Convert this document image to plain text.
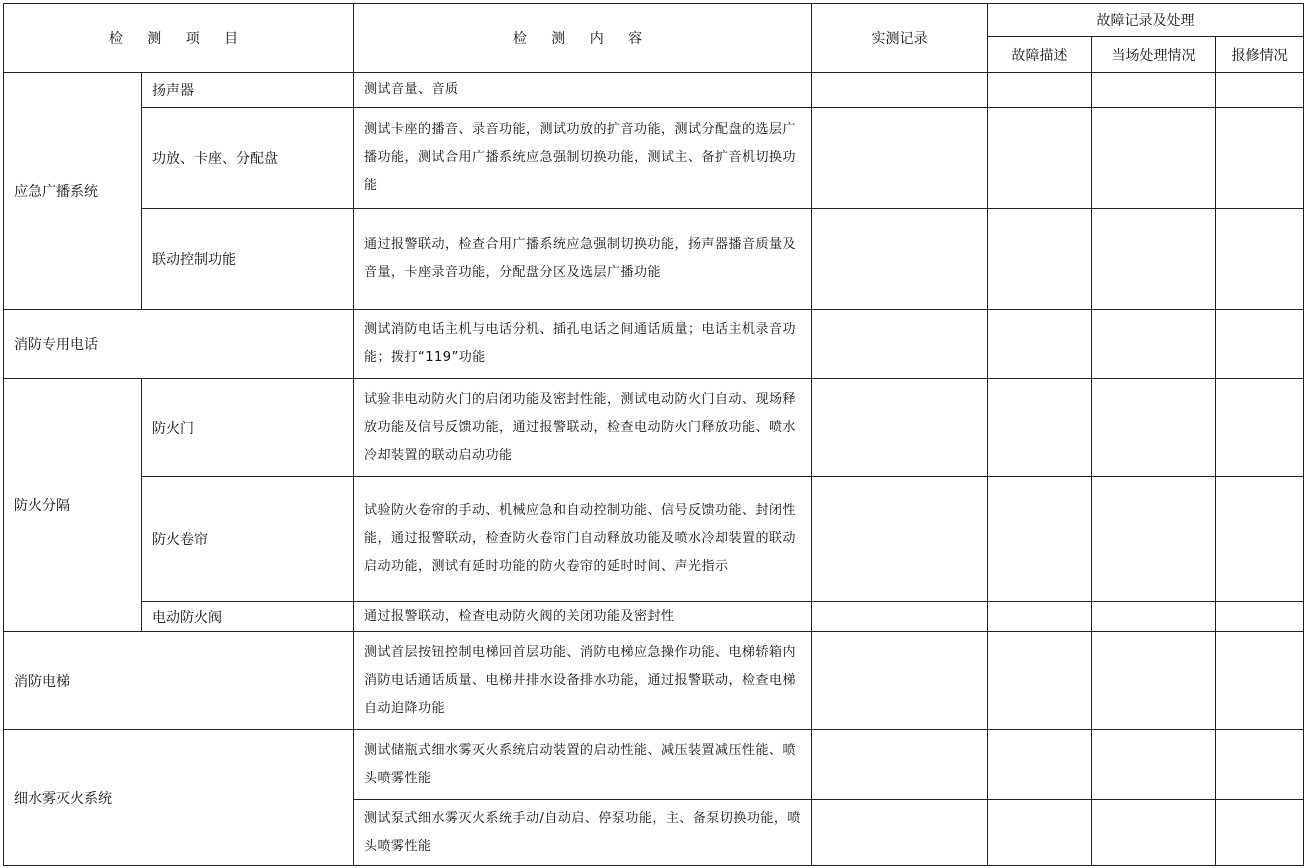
检 测 项 目		检 测 内 容	实测记录	故障记录及处理		
				故障描述	当场处理情况	报修情况
应急广播系统	扬声器	测试音量、音质				
	功放、卡座、分配盘	测试卡座的播音、录音功能，测试功放的扩音功能，测试分配盘的选层广播功能，测试合用广播系统应急强制切换功能，测试主、备扩音机切换功能				
	联动控制功能	通过报警联动，检查合用广播系统应急强制切换功能，扬声器播音质量及音量，卡座录音功能，分配盘分区及选层广播功能				
消防专用电话		测试消防电话主机与电话分机、插孔电话之间通话质量；电话主机录音功能；拨打“119”功能				
防火分隔	防火门	试验非电动防火门的启闭功能及密封性能，测试电动防火门自动、现场释放功能及信号反馈功能，通过报警联动，检查电动防火门释放功能、喷水冷却装置的联动启动功能				
	防火卷帘	试验防火卷帘的手动、机械应急和自动控制功能、信号反馈功能、封闭性能，通过报警联动，检查防火卷帘门自动释放功能及喷水冷却装置的联动启动功能，测试有延时功能的防火卷帘的延时时间、声光指示				
	电动防火阀	通过报警联动，检查电动防火阀的关闭功能及密封性				
消防电梯		测试首层按钮控制电梯回首层功能、消防电梯应急操作功能、电梯轿箱内消防电话通话质量、电梯井排水设备排水功能，通过报警联动，检查电梯自动迫降功能				
细水雾灭火系统		测试储瓶式细水雾灭火系统启动装置的启动性能、减压装置减压性能、喷头喷雾性能				
		测试泵式细水雾灭火系统手动/自动启、停泵功能，主、备泵切换功能，喷头喷雾性能				
